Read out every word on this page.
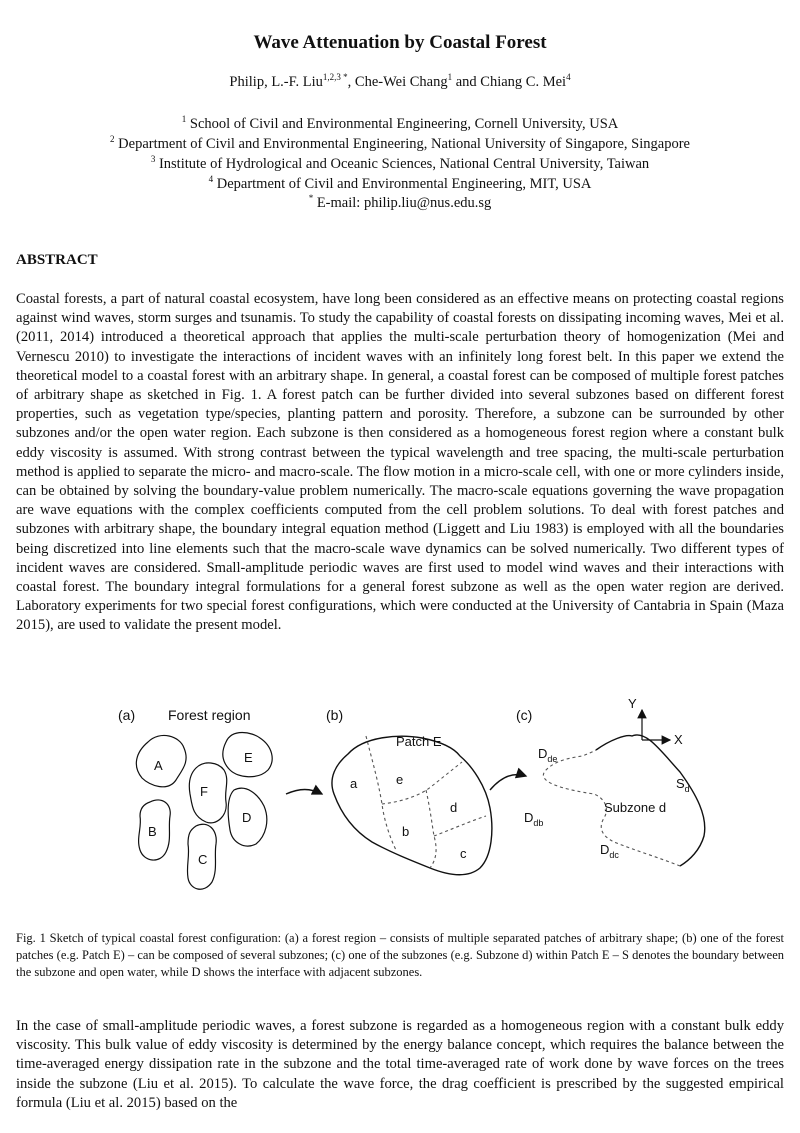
Wave Attenuation by Coastal Forest
Philip, L.-F. Liu$^{1,2,3 *}$, Che-Wei Chang$^1$ and Chiang C. Mei$^4$
$^1$ School of Civil and Environmental Engineering, Cornell University, USA
$^2$ Department of Civil and Environmental Engineering, National University of Singapore, Singapore
$^3$ Institute of Hydrological and Oceanic Sciences, National Central University, Taiwan
$^4$ Department of Civil and Environmental Engineering, MIT, USA
* E-mail: philip.liu@nus.edu.sg
ABSTRACT

Coastal forests, a part of natural coastal ecosystem, have long been considered as an effective means on protecting coastal regions against wind waves, storm surges and tsunamis. To study the capability of coastal forests on dissipating incoming waves, Mei et al. (2011, 2014) introduced a theoretical approach that applies the multi-scale perturbation theory of homogenization (Mei and Vernescu 2010) to investigate the interactions of incident waves with an infinitely long forest belt. In this paper we extend the theoretical model to a coastal forest with an arbitrary shape. In general, a coastal forest can be composed of multiple forest patches of arbitrary shape as sketched in Fig. 1. A forest patch can be further divided into several subzones based on different forest properties, such as vegetation type/species, planting pattern and porosity. Therefore, a subzone can be surrounded by other subzones and/or the open water region. Each subzone is then considered as a homogeneous forest region where a constant bulk eddy viscosity is assumed. With strong contrast between the typical wavelength and tree spacing, the multi-scale perturbation method is applied to separate the micro- and macro-scale. The flow motion in a micro-scale cell, with one or more cylinders inside, can be obtained by solving the boundary-value problem numerically. The macro-scale equations governing the wave propagation are wave equations with the complex coefficients computed from the cell problem solutions. To deal with forest patches and subzones with arbitrary shape, the boundary integral equation method (Liggett and Liu 1983) is employed with all the boundaries being discretized into line elements such that the macro-scale wave dynamics can be solved numerically. Two different types of incident waves are considered. Small-amplitude periodic waves are first used to model wind waves and their interactions with coastal forest. The boundary integral formulations for a general forest subzone as well as the open water region are derived. Laboratory experiments for two special forest configurations, which were conducted at the University of Cantabria in Spain (Maza 2015), are used to validate the present model.

(a) Forest region
A
E
F
B
D
C
(b)
Patch E
a	e
d
b
c
(c)
Y
X
Subzone d
$D_{de}$
$D_{db}$
$D_{dc}$
$S_d$

Fig. 1 Sketch of typical coastal forest configuration: (a) a forest region – consists of multiple separated patches of arbitrary shape; (b) one of the forest patches (e.g. Patch E) – can be composed of several subzones; (c) one of the subzones (e.g. Subzone d) within Patch E – S denotes the boundary between the subzone and open water, while D shows the interface with adjacent subzones.

In the case of small-amplitude periodic waves, a forest subzone is regarded as a homogeneous region with a constant bulk eddy viscosity. This bulk value of eddy viscosity is determined by the energy balance concept, which requires the balance between the time-averaged energy dissipation rate in the subzone and the total time-averaged rate of work done by wave forces on the trees inside the subzone (Liu et al. 2015). To calculate the wave force, the drag coefficient is prescribed by the suggested empirical formula (Liu et al. 2015) based on the
